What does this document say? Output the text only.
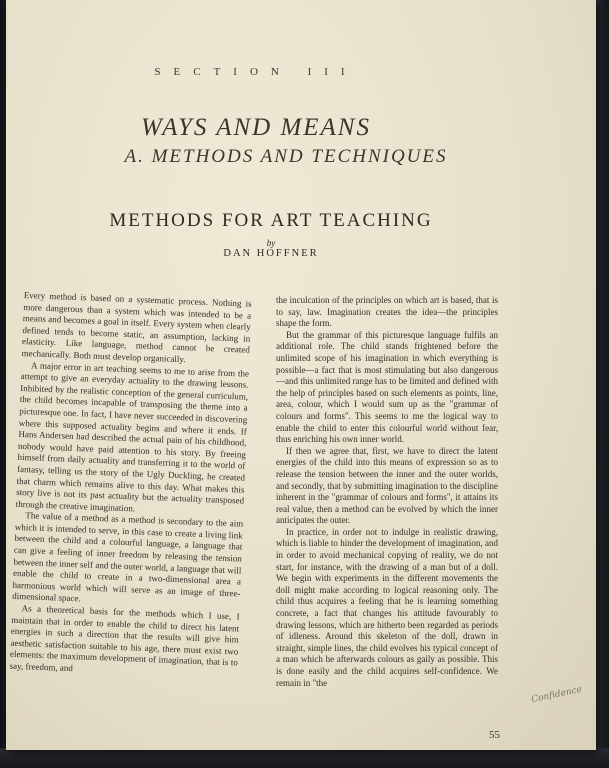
SECTION III
WAYS AND MEANS
A. METHODS AND TECHNIQUES
METHODS FOR ART TEACHING
by
DAN HOFFNER

Every method is based on a systematic process. Nothing is more dangerous than a system which was intended to be a means and becomes a goal in itself. Every system when clearly defined tends to become static, an assumption, lacking in elasticity. Like language, method cannot be created mechanically. Both must develop organically.

A major error in art teaching seems to me to arise from the attempt to give an everyday actuality to the drawing lessons. Inhibited by the realistic conception of the general curriculum, the child becomes incapable of transposing the theme into a picturesque one. In fact, I have never succeeded in discovering where this supposed actuality begins and where it ends. If Hans Andersen had described the actual pain of his childhood, nobody would have paid attention to his story. By freeing himself from daily actuality and transferring it to the world of fantasy, telling us the story of the Ugly Duckling, he created that charm which remains alive to this day. What makes this story live is not its past actuality but the actuality transposed through the creative imagination.

The value of a method as a method is secondary to the aim which it is intended to serve, in this case to create a living link between the child and a colourful language, a language that can give a feeling of inner freedom by releasing the tension between the inner self and the outer world, a language that will enable the child to create in a two-dimensional area a harmonious world which will serve as an image of three-dimensional space.

As a theoretical basis for the methods which I use, I maintain that in order to enable the child to direct his latent energies in such a direction that the results will give him aesthetic satisfaction suitable to his age, there must exist two elements: the maximum development of imagination, that is to say, freedom, and

the inculcation of the principles on which art is based, that is to say, law. Imagination creates the idea—the principles shape the form.

But the grammar of this picturesque language fulfils an additional role. The child stands frightened before the unlimited scope of his imagination in which everything is possible—a fact that is most stimulating but also dangerous—and this unlimited range has to be limited and defined with the help of principles based on such elements as points, line, area, colour, which I would sum up as the "grammar of colours and forms". This seems to me the logical way to enable the child to enter this colourful world without fear, thus enriching his own inner world.

If then we agree that, first, we have to direct the latent energies of the child into this means of expression so as to release the tension between the inner and the outer worlds, and secondly, that by submitting imagination to the discipline inherent in the "grammar of colours and forms", it attains its real value, then a method can be evolved by which the inner anticipates the outer.

In practice, in order not to indulge in realistic drawing, which is liable to hinder the development of imagination, and in order to avoid mechanical copying of reality, we do not start, for instance, with the drawing of a man but of a doll. We begin with experiments in the different movements the doll might make according to logical reasoning only. The child thus acquires a feeling that he is learning something concrete, a fact that changes his attitude favourably to drawing lessons, which are hitherto been regarded as periods of idleness. Around this skeleton of the doll, drawn in straight, simple lines, the child evolves his typical concept of a man which he afterwards colours as gaily as possible. This is done easily and the child acquires self-confidence. We remain in "the

Confidence
55
